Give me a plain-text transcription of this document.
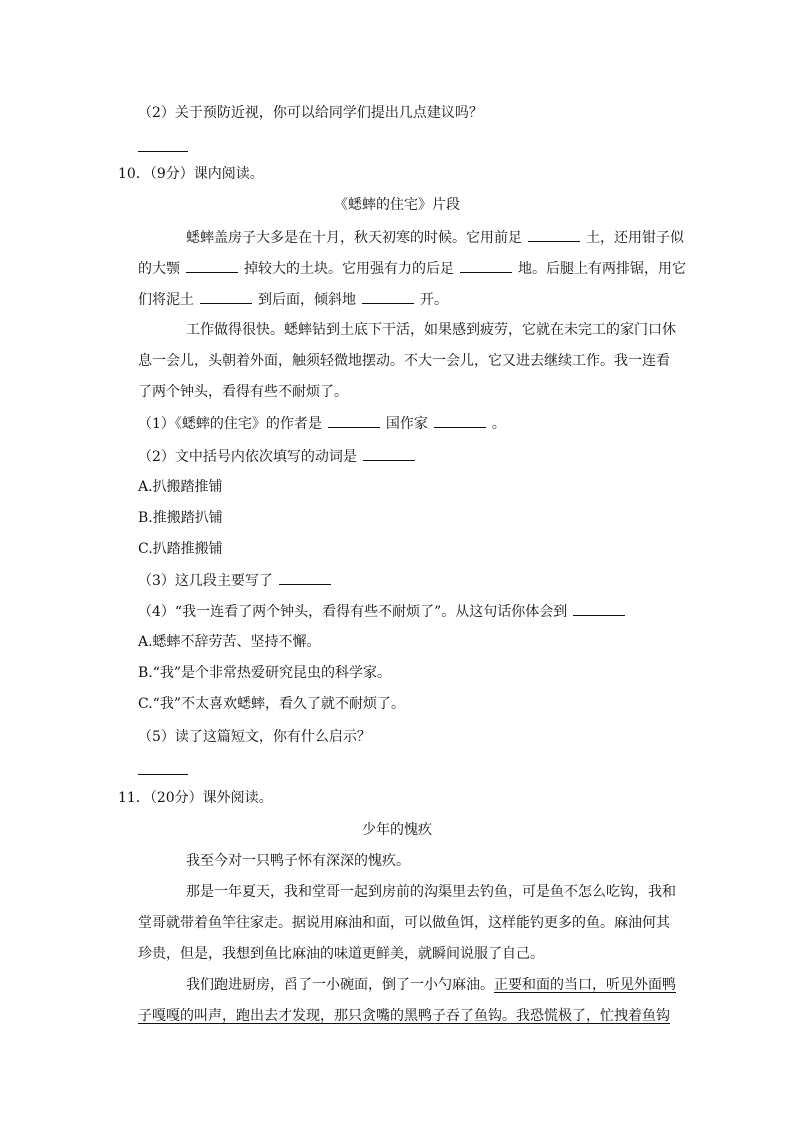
（2）关于预防近视，你可以给同学们提出几点建议吗？
10．（9分）课内阅读。
《蟋蟀的住宅》片段
蟋蟀盖房子大多是在十月，秋天初寒的时候。它用前足	土，还用钳子似
的大颚	掉较大的土块。它用强有力的后足	地。后腿上有两排锯，用它
们将泥土	到后面，倾斜地	开。
工作做得很快。蟋蟀钻到土底下干活，如果感到疲劳，它就在未完工的家门口休
息一会儿，头朝着外面，触须轻微地摆动。不大一会儿，它又进去继续工作。我一连看
了两个钟头，看得有些不耐烦了。
（1）《蟋蟀的住宅》的作者是	国作家	。
（2）文中括号内依次填写的动词是
A.扒搬踏推铺
B.推搬踏扒铺
C.扒踏推搬铺
（3）这几段主要写了
（4）“我一连看了两个钟头，看得有些不耐烦了”。从这句话你体会到
A.蟋蟀不辞劳苦、坚持不懈。
B.“我”是个非常热爱研究昆虫的科学家。
C.“我”不太喜欢蟋蟀，看久了就不耐烦了。
（5）读了这篇短文，你有什么启示？
11．（20分）课外阅读。
少年的愧疚
我至今对一只鸭子怀有深深的愧疚。
那是一年夏天，我和堂哥一起到房前的沟渠里去钓鱼，可是鱼不怎么吃钩，我和
堂哥就带着鱼竿往家走。据说用麻油和面，可以做鱼饵，这样能钓更多的鱼。麻油何其
珍贵，但是，我想到鱼比麻油的味道更鲜美，就瞬间说服了自己。
我们跑进厨房，舀了一小碗面，倒了一小勺麻油。正要和面的当口，听见外面鸭
子嘎嘎的叫声，跑出去才发现，那只贪嘴的黑鸭子吞了鱼钩。我恐慌极了，忙拽着鱼钩
